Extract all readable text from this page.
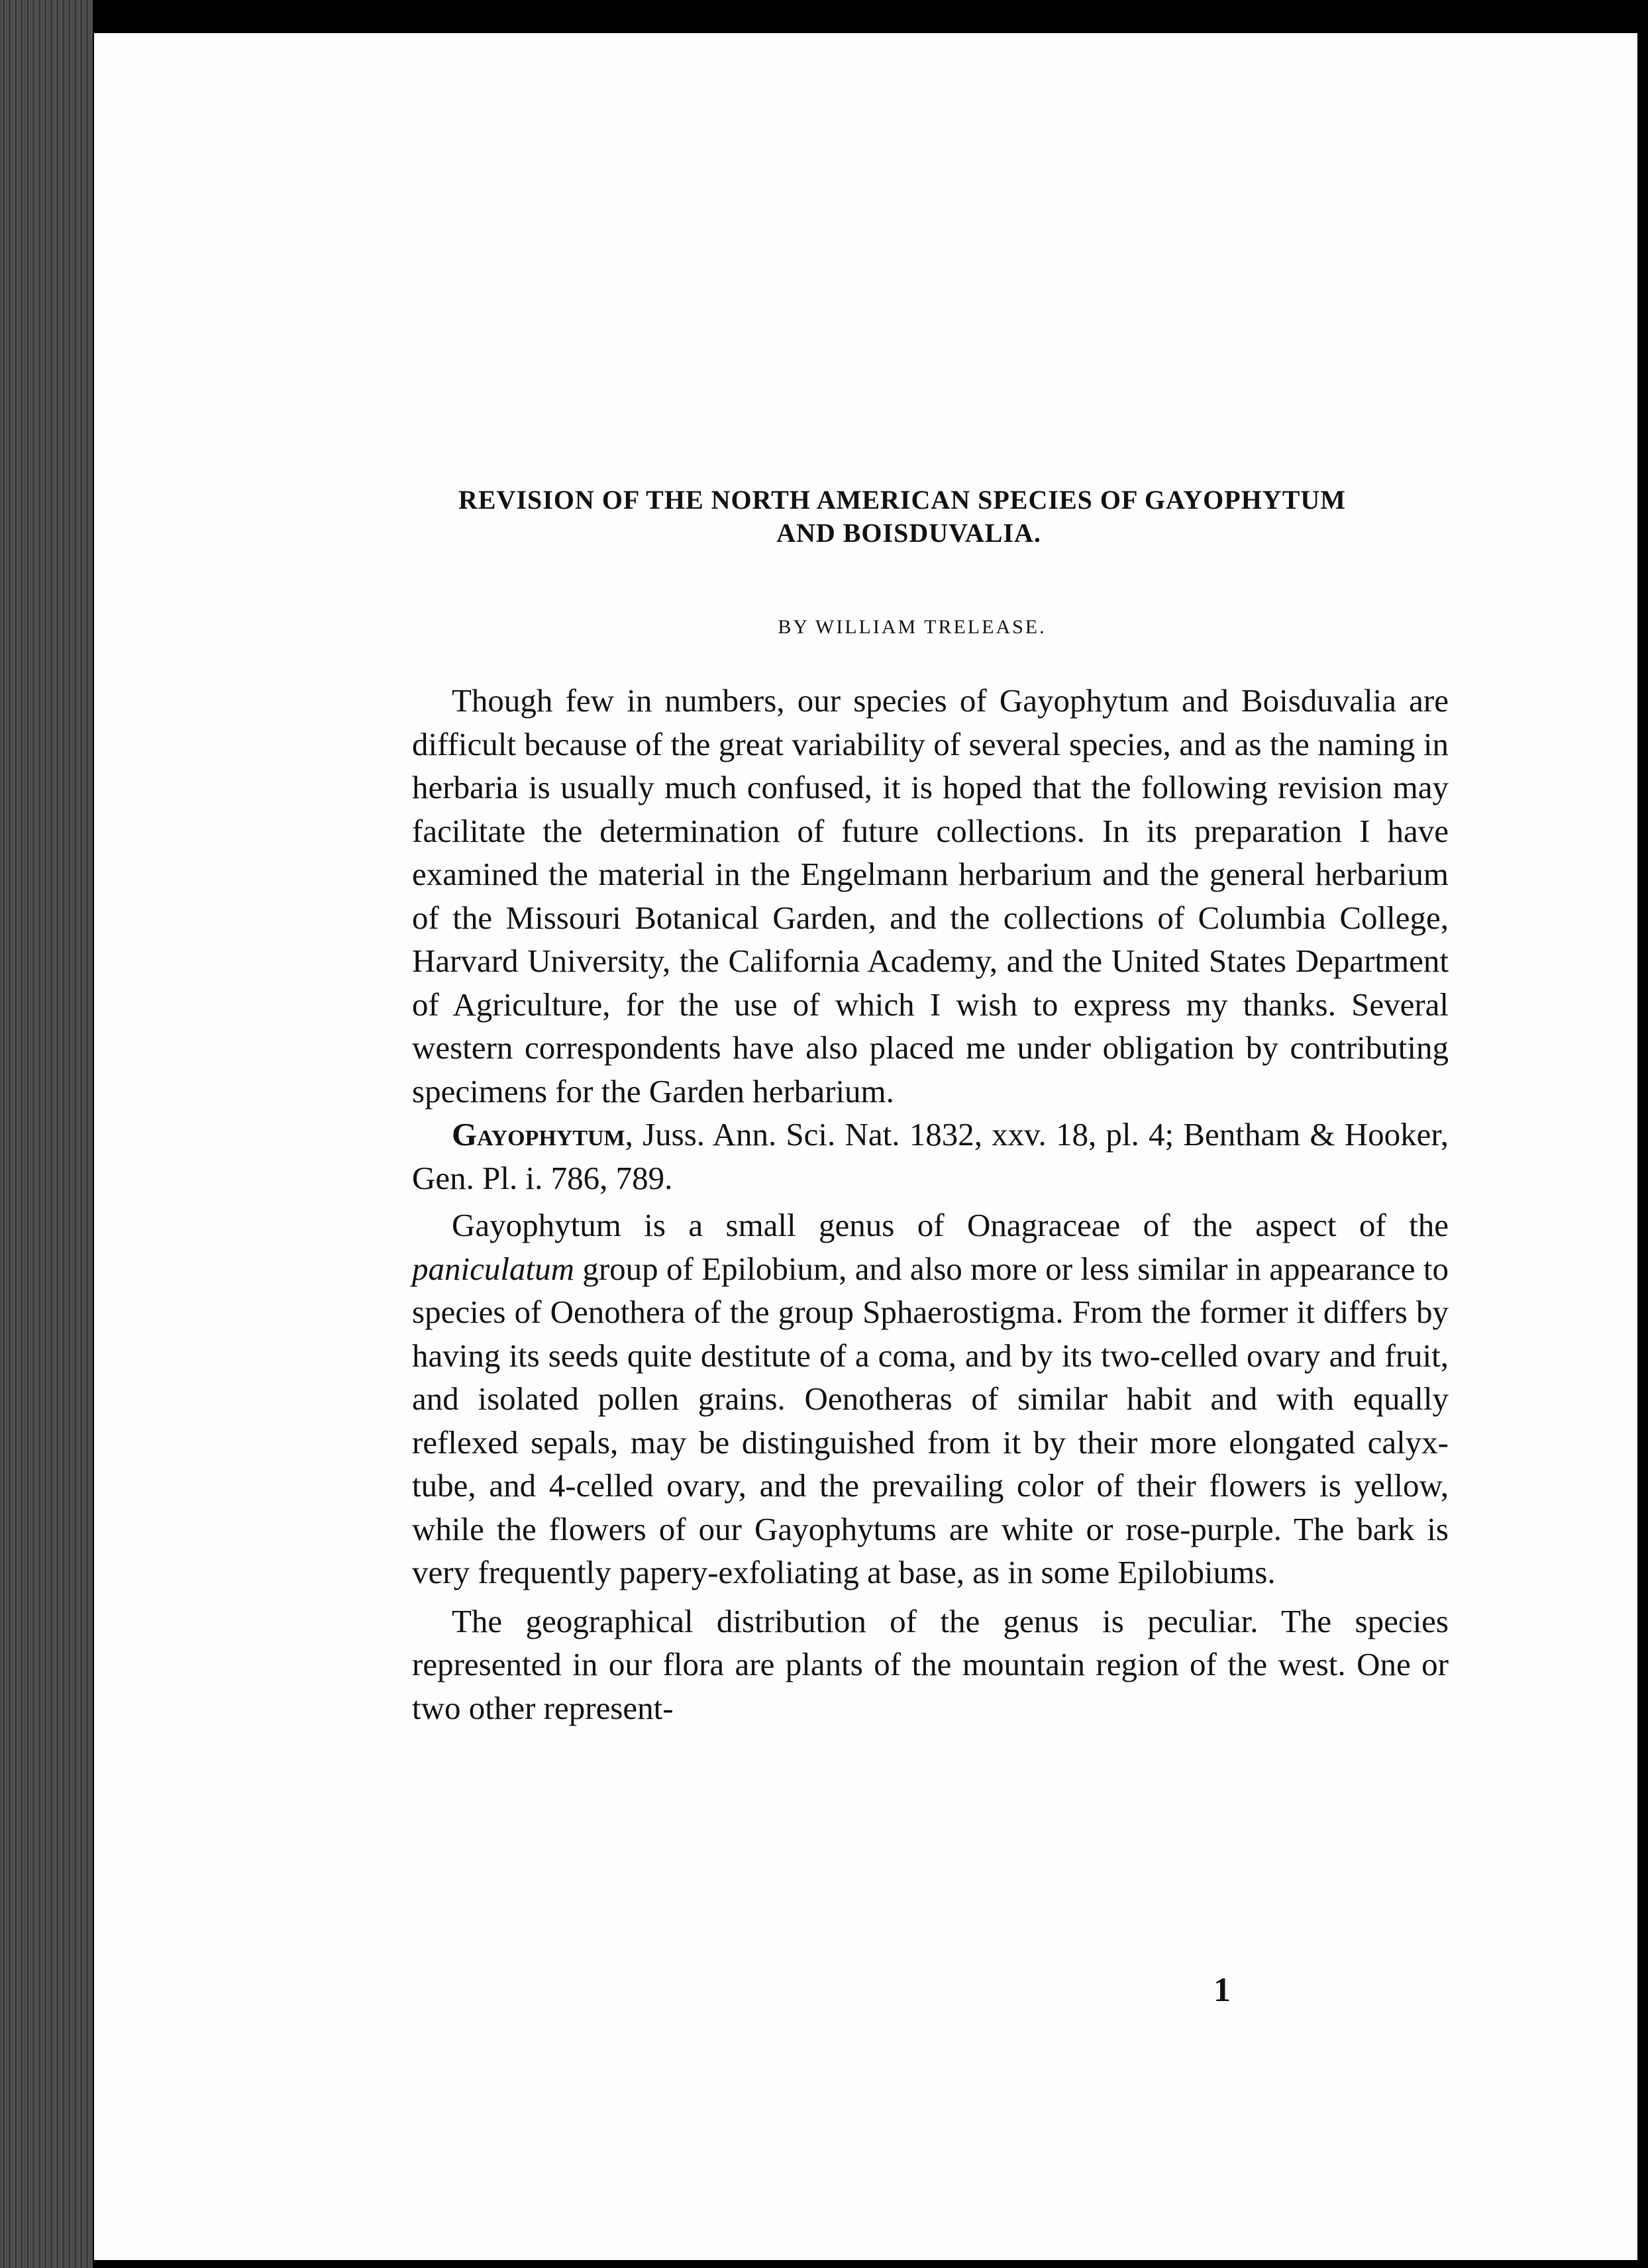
REVISION OF THE NORTH AMERICAN SPECIES OF GAYOPHYTUM
AND BOISDUVALIA.
BY WILLIAM TRELEASE.

Though few in numbers, our species of Gayophytum and Boisduvalia are difficult because of the great variability of several species, and as the naming in herbaria is usually much confused, it is hoped that the following revision may facilitate the determination of future collections. In its preparation I have examined the material in the Engelmann herbarium and the general herbarium of the Missouri Botanical Garden, and the collections of Columbia College, Harvard University, the California Academy, and the United States Department of Agriculture, for the use of which I wish to express my thanks. Several western correspondents have also placed me under obligation by contributing specimens for the Garden herbarium.

Gayophytum, Juss. Ann. Sci. Nat. 1832, xxv. 18, pl. 4; Bentham & Hooker, Gen. Pl. i. 786, 789.

Gayophytum is a small genus of Onagraceae of the aspect of the paniculatum group of Epilobium, and also more or less similar in appearance to species of Oenothera of the group Sphaerostigma. From the former it differs by having its seeds quite destitute of a coma, and by its two-celled ovary and fruit, and isolated pollen grains. Oenotheras of similar habit and with equally reflexed sepals, may be distinguished from it by their more elongated calyx-tube, and 4-celled ovary, and the prevailing color of their flowers is yellow, while the flowers of our Gayophytums are white or rose-purple. The bark is very frequently papery-exfoliating at base, as in some Epilobiums.

The geographical distribution of the genus is peculiar. The species represented in our flora are plants of the mountain region of the west. One or two other represent-

1
